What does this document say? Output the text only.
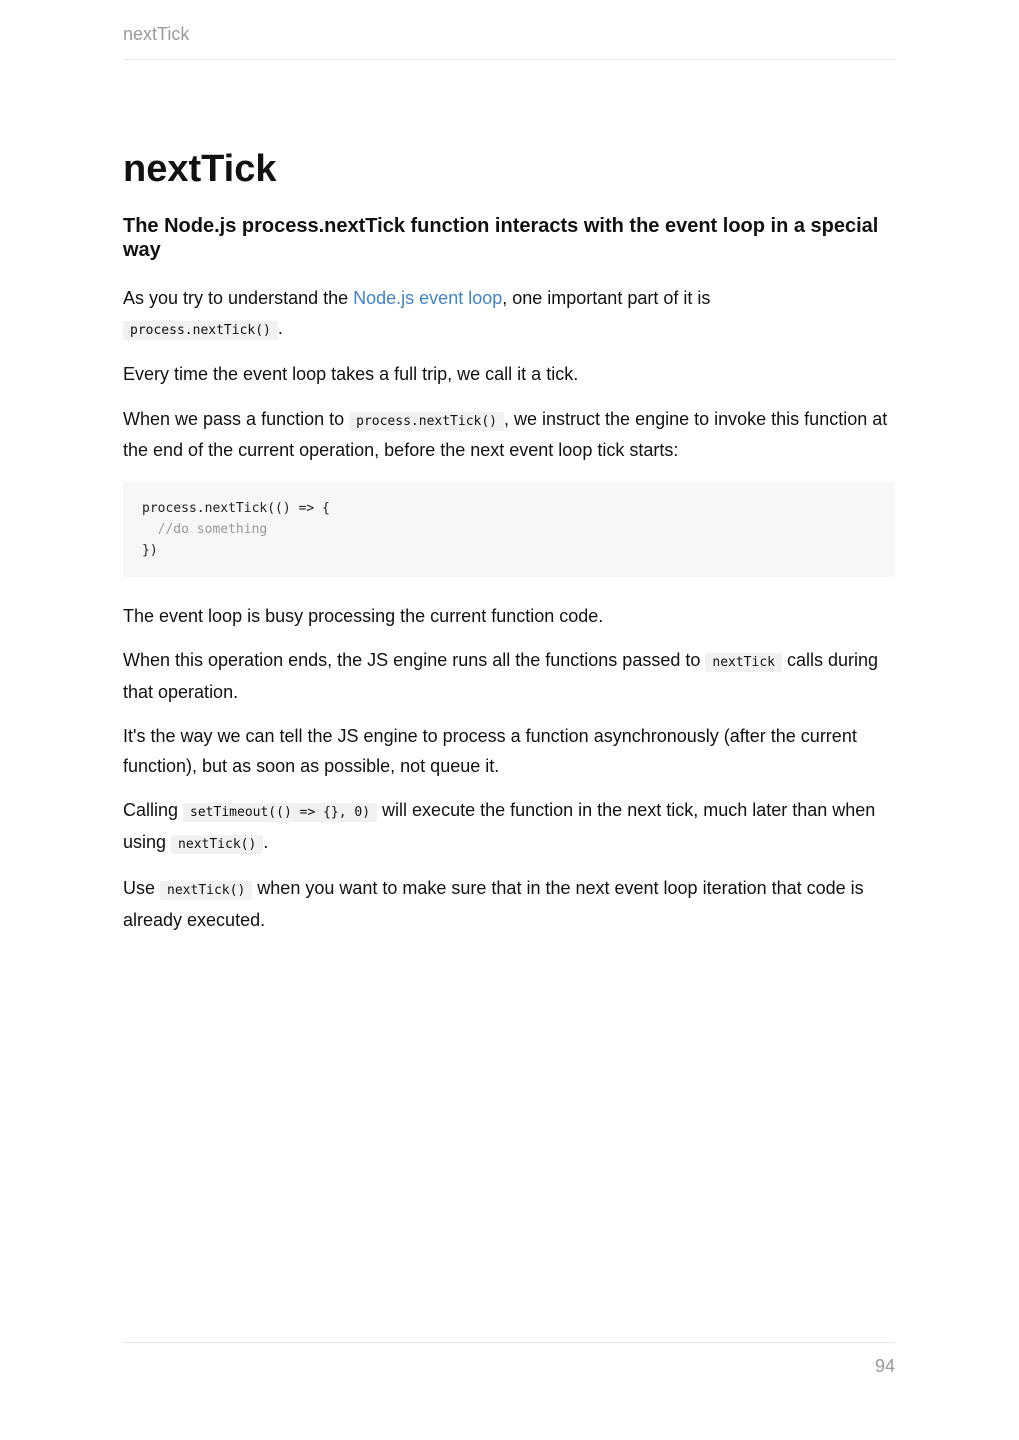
nextTick
nextTick
The Node.js process.nextTick function interacts with the event loop in a special way

As you try to understand the Node.js event loop, one important part of it is
process.nextTick() .

Every time the event loop takes a full trip, we call it a tick.

When we pass a function to process.nextTick() , we instruct the engine to invoke this function at the end of the current operation, before the next event loop tick starts:

process.nextTick(() => {
//do something
})

The event loop is busy processing the current function code.

When this operation ends, the JS engine runs all the functions passed to nextTick calls during that operation.

It's the way we can tell the JS engine to process a function asynchronously (after the current function), but as soon as possible, not queue it.

Calling setTimeout(() => {}, 0) will execute the function in the next tick, much later than when using nextTick() .

Use nextTick() when you want to make sure that in the next event loop iteration that code is already executed.

94
